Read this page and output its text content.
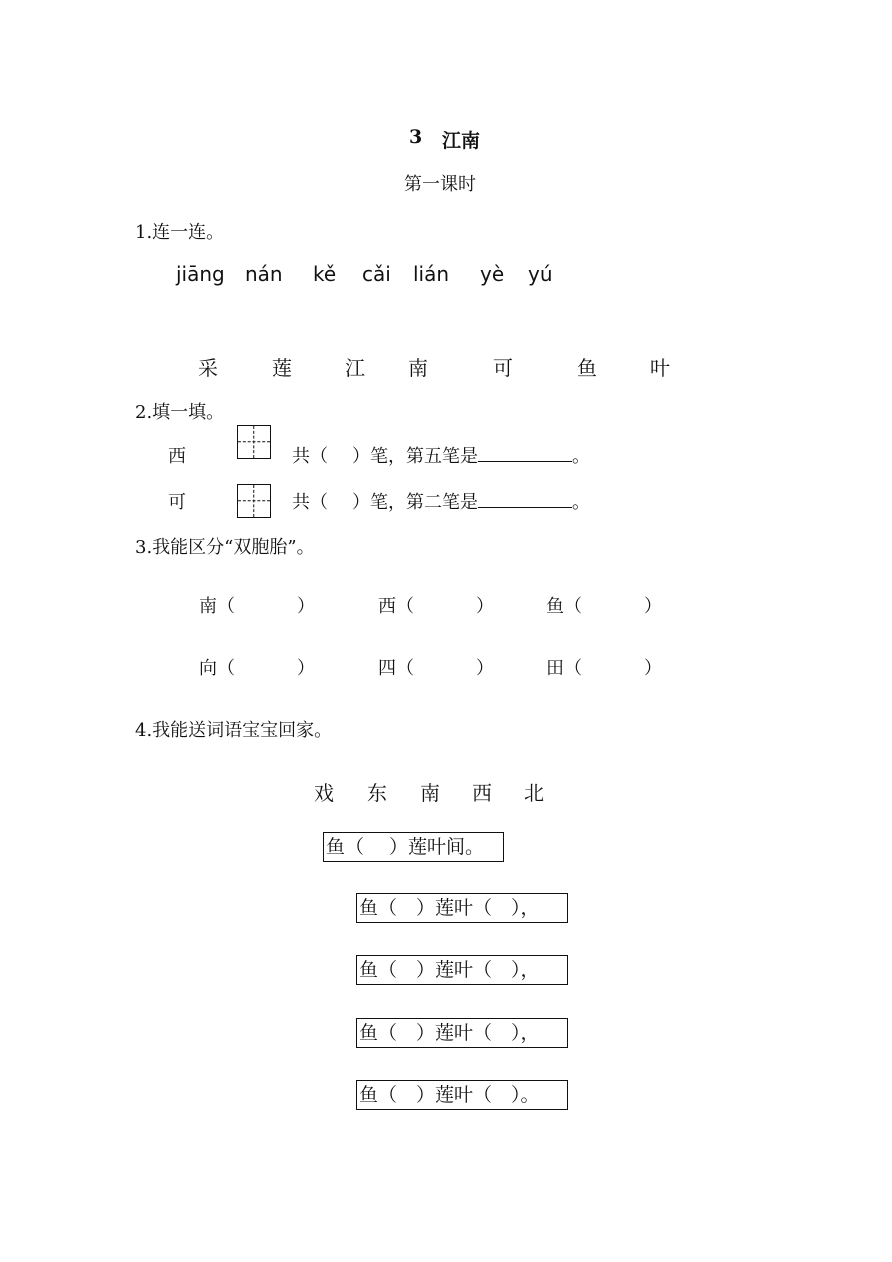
3 江南
第一课时
1.连一连。
jiāng nán kě cǎi lián yè yú
采	莲	江 南	可	鱼	叶
2.填一填。
西	共（ ）笔，第五笔是	。
可	共（ ）笔，第二笔是	。
3.我能区分“双胞胎”。
南（	）	西（	）	鱼（	）
向（	）	四（	）	田（	）
4.我能送词语宝宝回家。
戏 东 南 西 北
鱼（　 ）莲叶间。
鱼（　）莲叶（　），
鱼（　）莲叶（　），
鱼（　）莲叶（　），
鱼（　）莲叶（　）。
